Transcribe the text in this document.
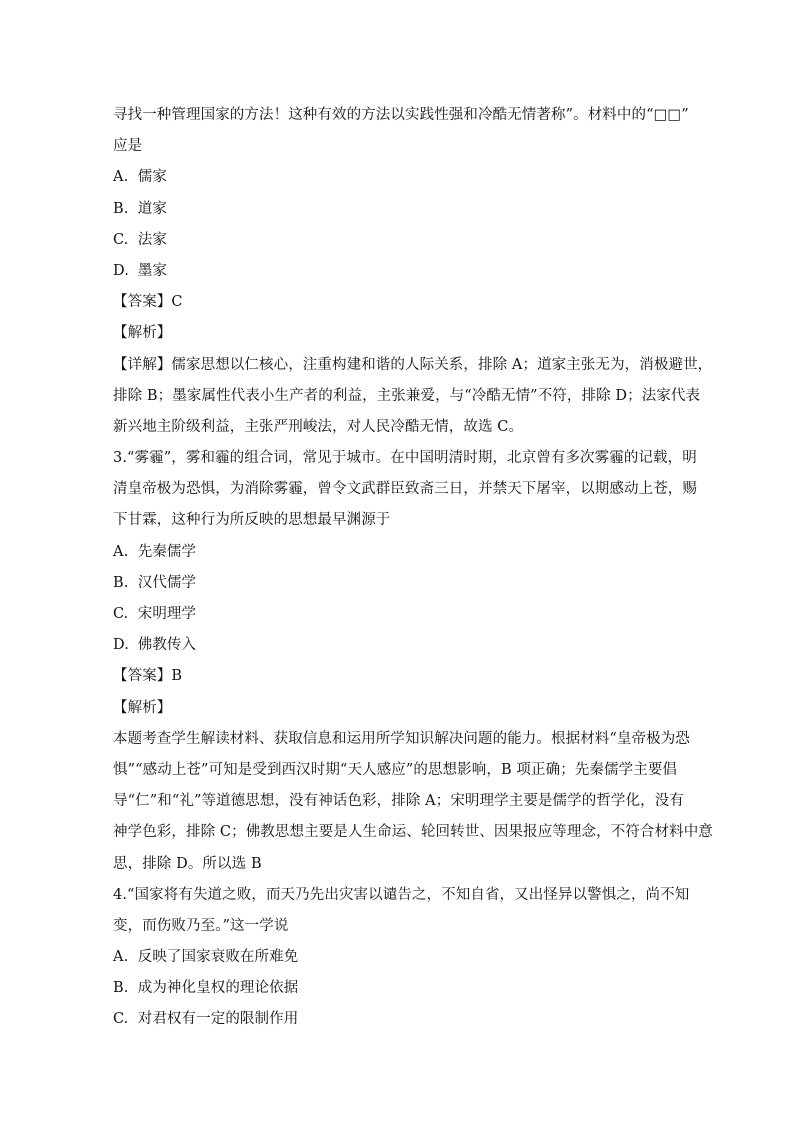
寻找一种管理国家的方法！这种有效的方法以实践性强和冷酷无情著称”。材料中的“□□”

应是

A. 儒家
B. 道家
C. 法家
D. 墨家
【答案】C
【解析】

【详解】儒家思想以仁核心，注重构建和谐的人际关系，排除 A；道家主张无为，消极避世，

排除 B；墨家属性代表小生产者的利益，主张兼爱，与“冷酷无情”不符，排除 D；法家代表

新兴地主阶级利益，主张严刑峻法，对人民冷酷无情，故选 C。

3.“雾霾”，雾和霾的组合词，常见于城市。在中国明清时期，北京曾有多次雾霾的记载，明

清皇帝极为恐惧，为消除雾霾，曾令文武群臣致斋三日，并禁天下屠宰，以期感动上苍，赐

下甘霖，这种行为所反映的思想最早渊源于

A. 先秦儒学
B. 汉代儒学
C. 宋明理学
D. 佛教传入
【答案】B
【解析】

本题考查学生解读材料、获取信息和运用所学知识解决问题的能力。根据材料“皇帝极为恐

惧”“感动上苍”可知是受到西汉时期“天人感应”的思想影响，B 项正确；先秦儒学主要倡

导“仁”和“礼”等道德思想，没有神话色彩，排除 A；宋明理学主要是儒学的哲学化，没有

神学色彩，排除 C；佛教思想主要是人生命运、轮回转世、因果报应等理念，不符合材料中意

思，排除 D。所以选 B

4.“国家将有失道之败，而天乃先出灾害以谴告之，不知自省，又出怪异以警惧之，尚不知

变，而伤败乃至。”这一学说

A. 反映了国家衰败在所难免
B. 成为神化皇权的理论依据
C. 对君权有一定的限制作用
